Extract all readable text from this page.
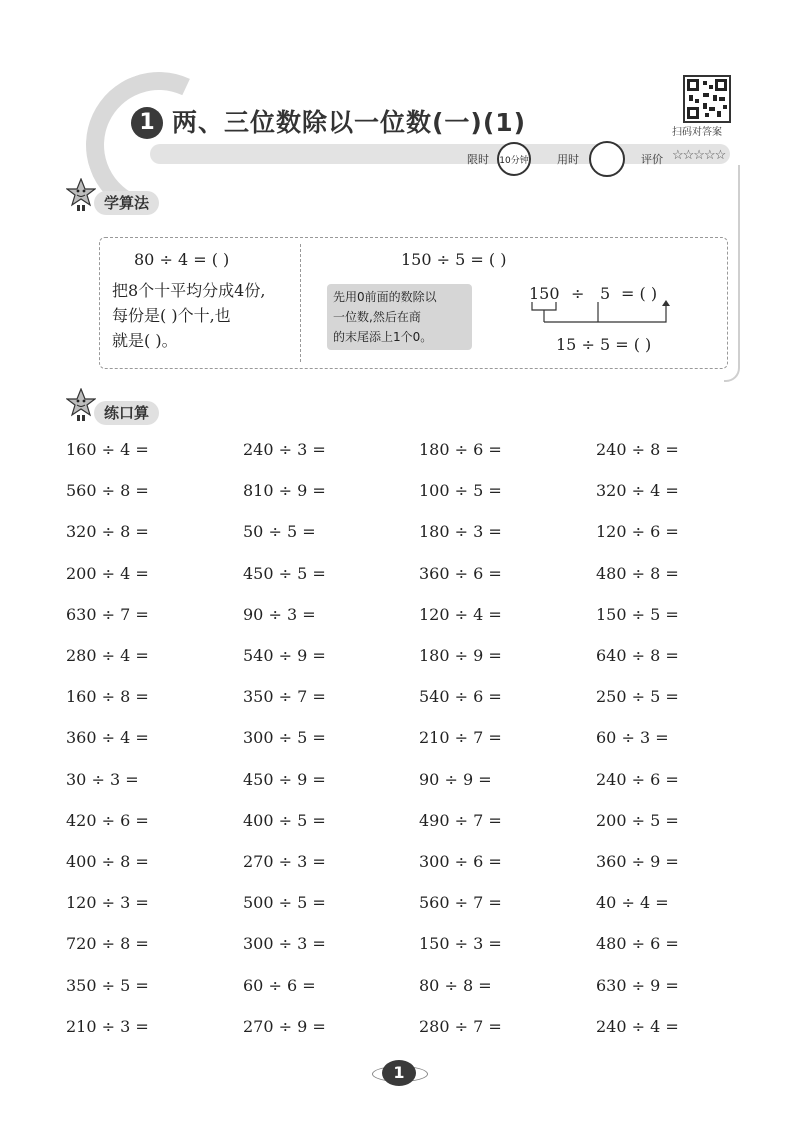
1 两、三位数除以一位数(一)(1)	扫码对答案
限时 10分钟	用时	评价 ☆☆☆☆☆
学算法
80 ÷ 4 = ( )
把8个十平均分成4份,
每份是( )个十,也
就是( )。
150 ÷ 5 = ( )
先用0前面的数除以
一位数,然后在商
的末尾添上1个0。
150 ÷ 5 = ( )
15 ÷ 5 = ( )
练口算
160 ÷ 4 =	240 ÷ 3 =	180 ÷ 6 =	240 ÷ 8 =
560 ÷ 8 =	810 ÷ 9 =	100 ÷ 5 =	320 ÷ 4 =
320 ÷ 8 =	50 ÷ 5 =	180 ÷ 3 =	120 ÷ 6 =
200 ÷ 4 =	450 ÷ 5 =	360 ÷ 6 =	480 ÷ 8 =
630 ÷ 7 =	90 ÷ 3 =	120 ÷ 4 =	150 ÷ 5 =
280 ÷ 4 =	540 ÷ 9 =	180 ÷ 9 =	640 ÷ 8 =
160 ÷ 8 =	350 ÷ 7 =	540 ÷ 6 =	250 ÷ 5 =
360 ÷ 4 =	300 ÷ 5 =	210 ÷ 7 =	60 ÷ 3 =
30 ÷ 3 =	450 ÷ 9 =	90 ÷ 9 =	240 ÷ 6 =
420 ÷ 6 =	400 ÷ 5 =	490 ÷ 7 =	200 ÷ 5 =
400 ÷ 8 =	270 ÷ 3 =	300 ÷ 6 =	360 ÷ 9 =
120 ÷ 3 =	500 ÷ 5 =	560 ÷ 7 =	40 ÷ 4 =
720 ÷ 8 =	300 ÷ 3 =	150 ÷ 3 =	480 ÷ 6 =
350 ÷ 5 =	60 ÷ 6 =	80 ÷ 8 =	630 ÷ 9 =
210 ÷ 3 =	270 ÷ 9 =	280 ÷ 7 =	240 ÷ 4 =
1
